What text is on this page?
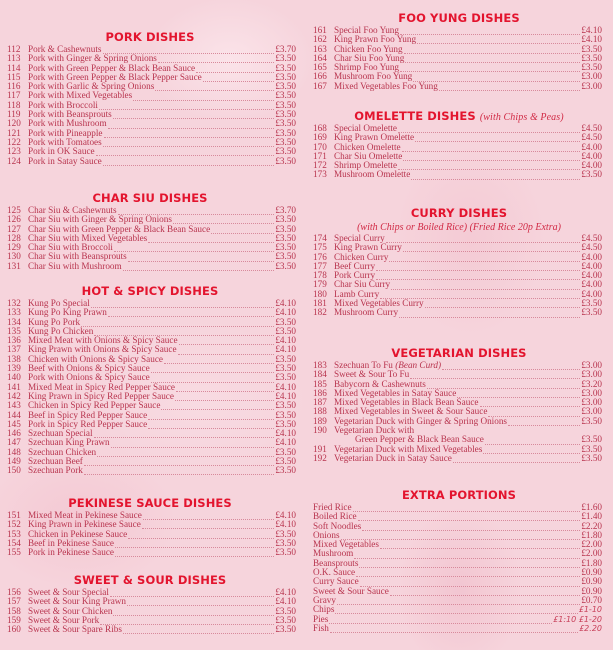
PORK DISHES
112 Pork & Cashewnuts	£3.70
113 Pork with Ginger & Spring Onions	£3.50
114 Pork with Green Pepper & Black Bean Sauce	£3.50
115 Pork with Green Pepper & Black Pepper Sauce	£3.50
116 Pork with Garlic & Spring Onions	£3.50
117 Pork with Mixed Vegetables	£3.50
118 Pork with Broccoli	£3.50
119 Pork with Beansprouts	£3.50
120 Pork with Mushroom	£3.50
121 Pork with Pineapple	£3.50
122 Pork with Tomatoes	£3.50
123 Pork in OK Sauce	£3.50
124 Pork in Satay Sauce	£3.50
CHAR SIU DISHES
125 Char Siu & Cashewnuts	£3.70
126 Char Siu with Ginger & Spring Onions	£3.50
127 Char Siu with Green Pepper & Black Bean Sauce	£3.50
128 Char Siu with Mixed Vegetables	£3.50
129 Char Siu with Broccoli	£3.50
130 Char Siu with Beansprouts	£3.50
131 Char Siu with Mushroom	£3.50
HOT & SPICY DISHES
132 Kung Po Special	£4.10
133 Kung Po King Prawn	£4.10
134 Kung Po Pork	£3.50
135 Kung Po Chicken	£3.50
136 Mixed Meat with Onions & Spicy Sauce	£4.10
137 King Prawn with Onions & Spicy Sauce	£4.10
138 Chicken with Onions & Spicy Sauce	£3.50
139 Beef with Onions & Spicy Sauce	£3.50
140 Pork with Onions & Spicy Sauce	£3.50
141 Mixed Meat in Spicy Red Pepper Sauce	£4.10
142 King Prawn in Spicy Red Pepper Sauce	£4.10
143 Chicken in Spicy Red Pepper Sauce	£3.50
144 Beef in Spicy Red Pepper Sauce	£3.50
145 Pork in Spicy Red Pepper Sauce	£3.50
146 Szechuan Special	£4.10
147 Szechuan King Prawn	£4.10
148 Szechuan Chicken	£3.50
149 Szechuan Beef	£3.50
150 Szechuan Pork	£3.50
PEKINESE SAUCE DISHES
151 Mixed Meat in Pekinese Sauce	£4.10
152 King Prawn in Pekinese Sauce	£4.10
153 Chicken in Pekinese Sauce	£3.50
154 Beef in Pekinese Sauce	£3.50
155 Pork in Pekinese Sauce	£3.50
SWEET & SOUR DISHES
156 Sweet & Sour Special	£4.10
157 Sweet & Sour King Prawn	£4.10
158 Sweet & Sour Chicken	£3.50
159 Sweet & Sour Pork	£3.50
160 Sweet & Sour Spare Ribs	£3.50
FOO YUNG DISHES
161 Special Foo Yung	£4.10
162 King Prawn Foo Yung	£4.10
163 Chicken Foo Yung	£3.50
164 Char Siu Foo Yung	£3.50
165 Shrimp Foo Yung	£3.50
166 Mushroom Foo Yung	£3.00
167 Mixed Vegetables Foo Yung	£3.00
OMELETTE DISHES (with Chips & Peas)
168 Special Omelette	£4.50
169 King Prawn Omelette	£4.50
170 Chicken Omelette	£4.00
171 Char Siu Omelette	£4.00
172 Shrimp Omelette	£4.00
173 Mushroom Omelette	£3.50
CURRY DISHES
(with Chips or Boiled Rice) (Fried Rice 20p Extra)
174 Special Curry	£4.50
175 King Prawn Curry	£4.50
176 Chicken Curry	£4.00
177 Beef Curry	£4.00
178 Pork Curry	£4.00
179 Char Siu Curry	£4.00
180 Lamb Curry	£4.00
181 Mixed Vegetables Curry	£3.50
182 Mushroom Curry	£3.50
VEGETARIAN DISHES
183 Szechuan To Fu (Bean Curd)	£3.00
184 Sweet & Sour To Fu	£3.00
185 Babycorn & Cashewnuts	£3.20
186 Mixed Vegetables in Satay Sauce	£3.00
187 Mixed Vegetables in Black Bean Sauce	£3.00
188 Mixed Vegetables in Sweet & Sour Sauce	£3.00
189 Vegetarian Duck with Ginger & Spring Onions	£3.50
190 Vegetarian Duck with
Green Pepper & Black Bean Sauce	£3.50
191 Vegetarian Duck with Mixed Vegetables	£3.50
192 Vegetarian Duck in Satay Sauce	£3.50
EXTRA PORTIONS
Fried Rice	£1.60
Boiled Rice	£1.40
Soft Noodles	£2.20
Onions	£1.80
Mixed Vegetables	£2.00
Mushroom	£2.00
Beansprouts	£1.80
O.K. Sauce	£0.90
Curry Sauce	£0.90
Sweet & Sour Sauce	£0.90
Gravy	£0.70
Chips	£1-10
Pies	£1:10 £1-20
Fish	£2.20
